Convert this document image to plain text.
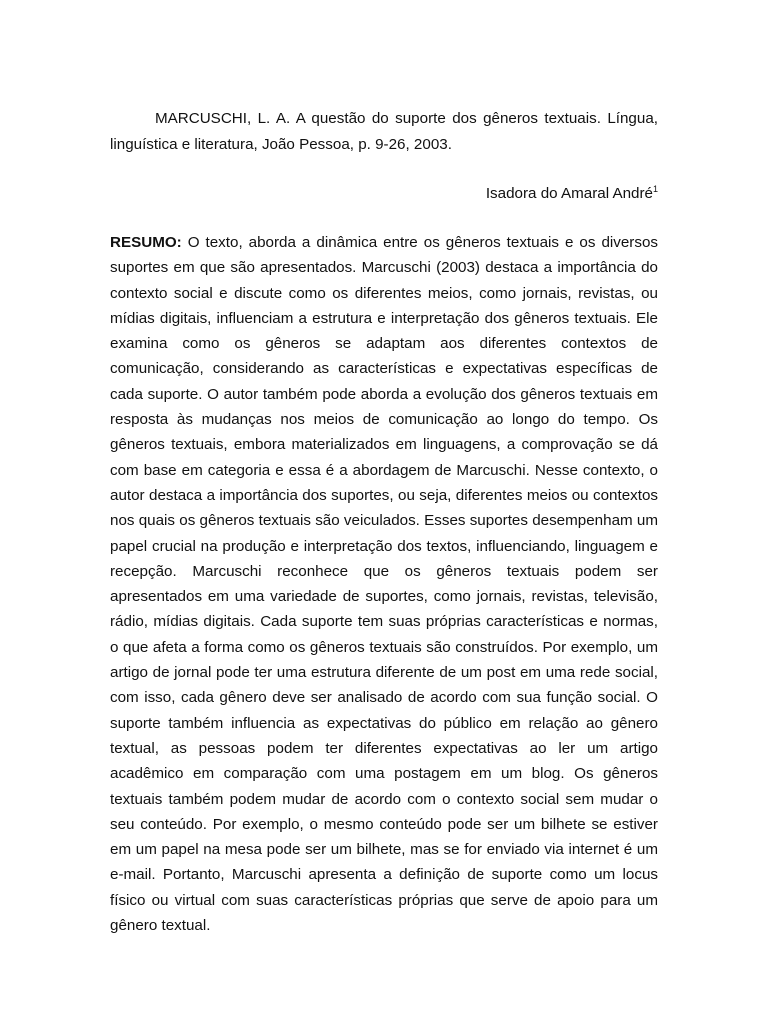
MARCUSCHI, L. A. A questão do suporte dos gêneros textuais. Língua, linguística e literatura, João Pessoa, p. 9-26, 2003.

Isadora do Amaral André$^1$

RESUMO: O texto, aborda a dinâmica entre os gêneros textuais e os diversos suportes em que são apresentados. Marcuschi (2003) destaca a importância do contexto social e discute como os diferentes meios, como jornais, revistas, ou mídias digitais, influenciam a estrutura e interpretação dos gêneros textuais. Ele examina como os gêneros se adaptam aos diferentes contextos de comunicação, considerando as características e expectativas específicas de cada suporte. O autor também pode aborda a evolução dos gêneros textuais em resposta às mudanças nos meios de comunicação ao longo do tempo. Os gêneros textuais, embora materializados em linguagens, a comprovação se dá com base em categoria e essa é a abordagem de Marcuschi. Nesse contexto, o autor destaca a importância dos suportes, ou seja, diferentes meios ou contextos nos quais os gêneros textuais são veiculados. Esses suportes desempenham um papel crucial na produção e interpretação dos textos, influenciando, linguagem e recepção. Marcuschi reconhece que os gêneros textuais podem ser apresentados em uma variedade de suportes, como jornais, revistas, televisão, rádio, mídias digitais. Cada suporte tem suas próprias características e normas, o que afeta a forma como os gêneros textuais são construídos. Por exemplo, um artigo de jornal pode ter uma estrutura diferente de um post em uma rede social, com isso, cada gênero deve ser analisado de acordo com sua função social. O suporte também influencia as expectativas do público em relação ao gênero textual, as pessoas podem ter diferentes expectativas ao ler um artigo acadêmico em comparação com uma postagem em um blog. Os gêneros textuais também podem mudar de acordo com o contexto social sem mudar o seu conteúdo. Por exemplo, o mesmo conteúdo pode ser um bilhete se estiver em um papel na mesa pode ser um bilhete, mas se for enviado via internet é um e-mail. Portanto, Marcuschi apresenta a definição de suporte como um locus físico ou virtual com suas características próprias que serve de apoio para um gênero textual.
